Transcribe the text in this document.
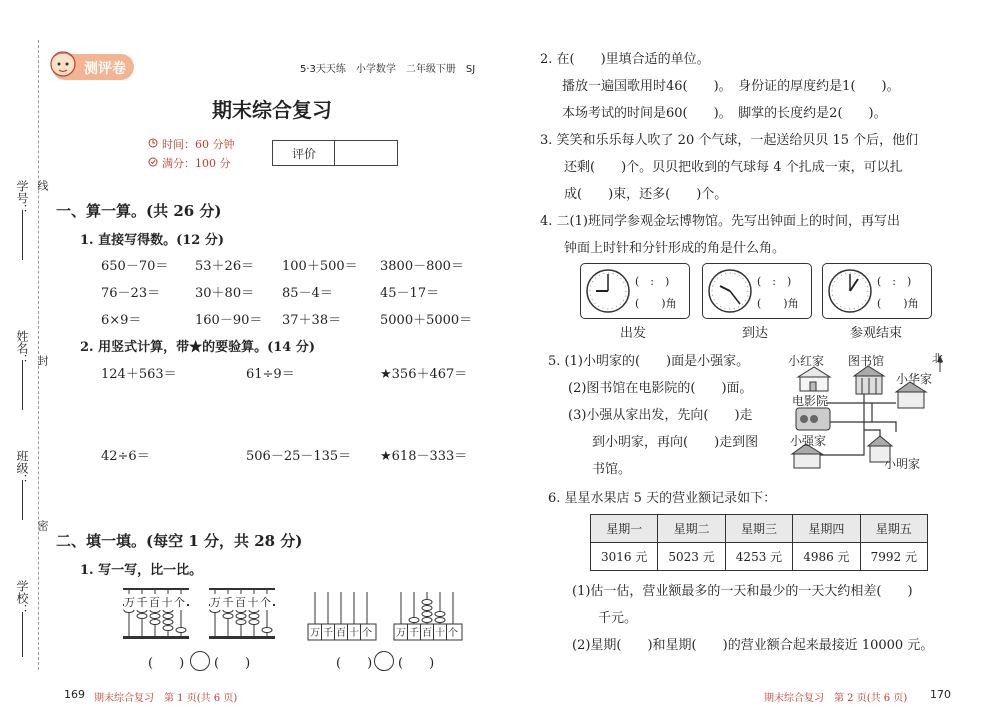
学号： 线
姓名： 封
班级：
密
学校：
测评卷	5·3天天练　小学数学　二年级下册　SJ
期末综合复习
时间：60 分钟
满分：100 分
评价
一、算一算。(共 26 分)
1. 直接写得数。(12 分)
650－70＝ 53＋26＝ 100＋500＝ 3800－800＝
76－23＝	30＋80＝ 85－4＝	45－17＝
6×9＝	160－90＝ 37＋38＝	5000＋5000＝
2. 用竖式计算，带★的要验算。(14 分)
124＋563＝	61÷9＝	★356＋467＝
42÷6＝	506－25－135＝ ★618－333＝
二、填一填。(每空 1 分，共 28 分)
1. 写一写，比一比。
万千百十个 万千百十个
万千百十个 万千百十个
(　　) (　　)	(　　) (　　)
169 期末综合复习　第 1 页(共 6 页)
2. 在(　　)里填合适的单位。
播放一遍国歌用时46(　　)。　身份证的厚度约是1(　　)。
本场考试的时间是60(　　)。　脚掌的长度约是2(　　)。
3. 笑笑和乐乐每人吹了 20 个气球，一起送给贝贝 15 个后，他们
还剩(　　)个。贝贝把收到的气球每 4 个扎成一束，可以扎
成(　　)束，还多(　　)个。
4. 二(1)班同学参观金坛博物馆。先写出钟面上的时间，再写出
钟面上时针和分针形成的角是什么角。
(　:　)
(　　)角
出发
(　:　)
(　　)角
到达
(　:　)
(　　)角
参观结束
5. (1)小明家的(　　)面是小强家。
(2)图书馆在电影院的(　　)面。
(3)小强从家出发，先向(　　)走
到小明家，再向(　　)走到图
书馆。
小红家 图书馆	北
小华家
电影院
小强家
小明家
6. 星星水果店 5 天的营业额记录如下：
星期一	星期二	星期三	星期四	星期五
3016 元	5023 元	4253 元	4986 元	7992 元
(1)估一估，营业额最多的一天和最少的一天大约相差(　　)
千元。
(2)星期(　　)和星期(　　)的营业额合起来最接近 10000 元。
期末综合复习　第 2 页(共 6 页) 170
